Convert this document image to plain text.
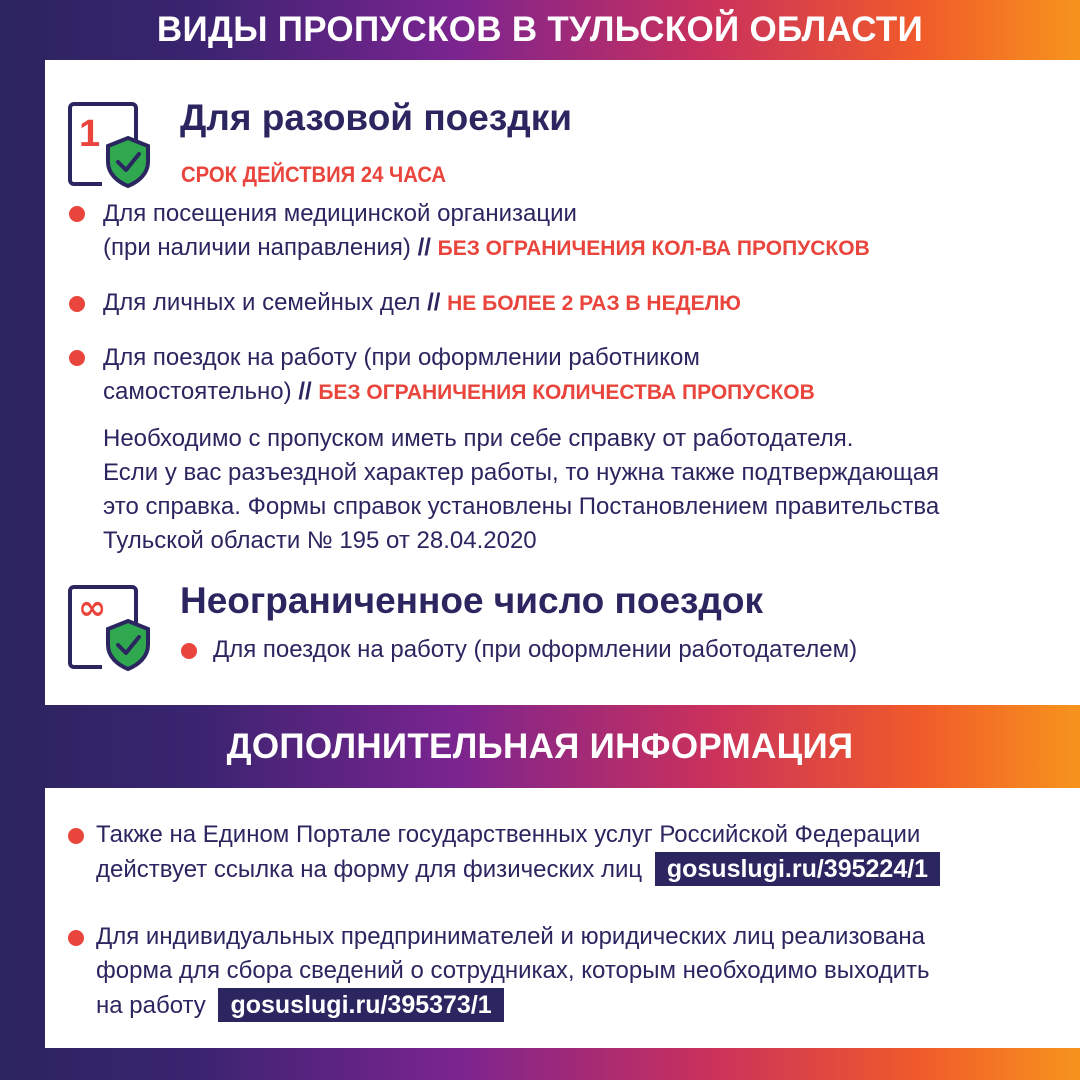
ВИДЫ ПРОПУСКОВ В ТУЛЬСКОЙ ОБЛАСТИ
1 Для разовой поездки
СРОК ДЕЙСТВИЯ 24 ЧАСА
Для посещения медицинской организации
(при наличии направления) // БЕЗ ОГРАНИЧЕНИЯ КОЛ-ВА ПРОПУСКОВ
Для личных и семейных дел // НЕ БОЛЕЕ 2 РАЗ В НЕДЕЛЮ
Для поездок на работу (при оформлении работником
самостоятельно) // БЕЗ ОГРАНИЧЕНИЯ КОЛИЧЕСТВА ПРОПУСКОВ
Необходимо с пропуском иметь при себе справку от работодателя.
Если у вас разъездной характер работы, то нужна также подтверждающая
это справка. Формы справок установлены Постановлением правительства
Тульской области № 195 от 28.04.2020
∞ Неограниченное число поездок
Для поездок на работу (при оформлении работодателем)
ДОПОЛНИТЕЛЬНАЯ ИНФОРМАЦИЯ
Также на Едином Портале государственных услуг Российской Федерации
действует ссылка на форму для физических лиц gosuslugi.ru/395224/1
Для индивидуальных предпринимателей и юридических лиц реализована
форма для сбора сведений о сотрудниках, которым необходимо выходить
на работу gosuslugi.ru/395373/1
